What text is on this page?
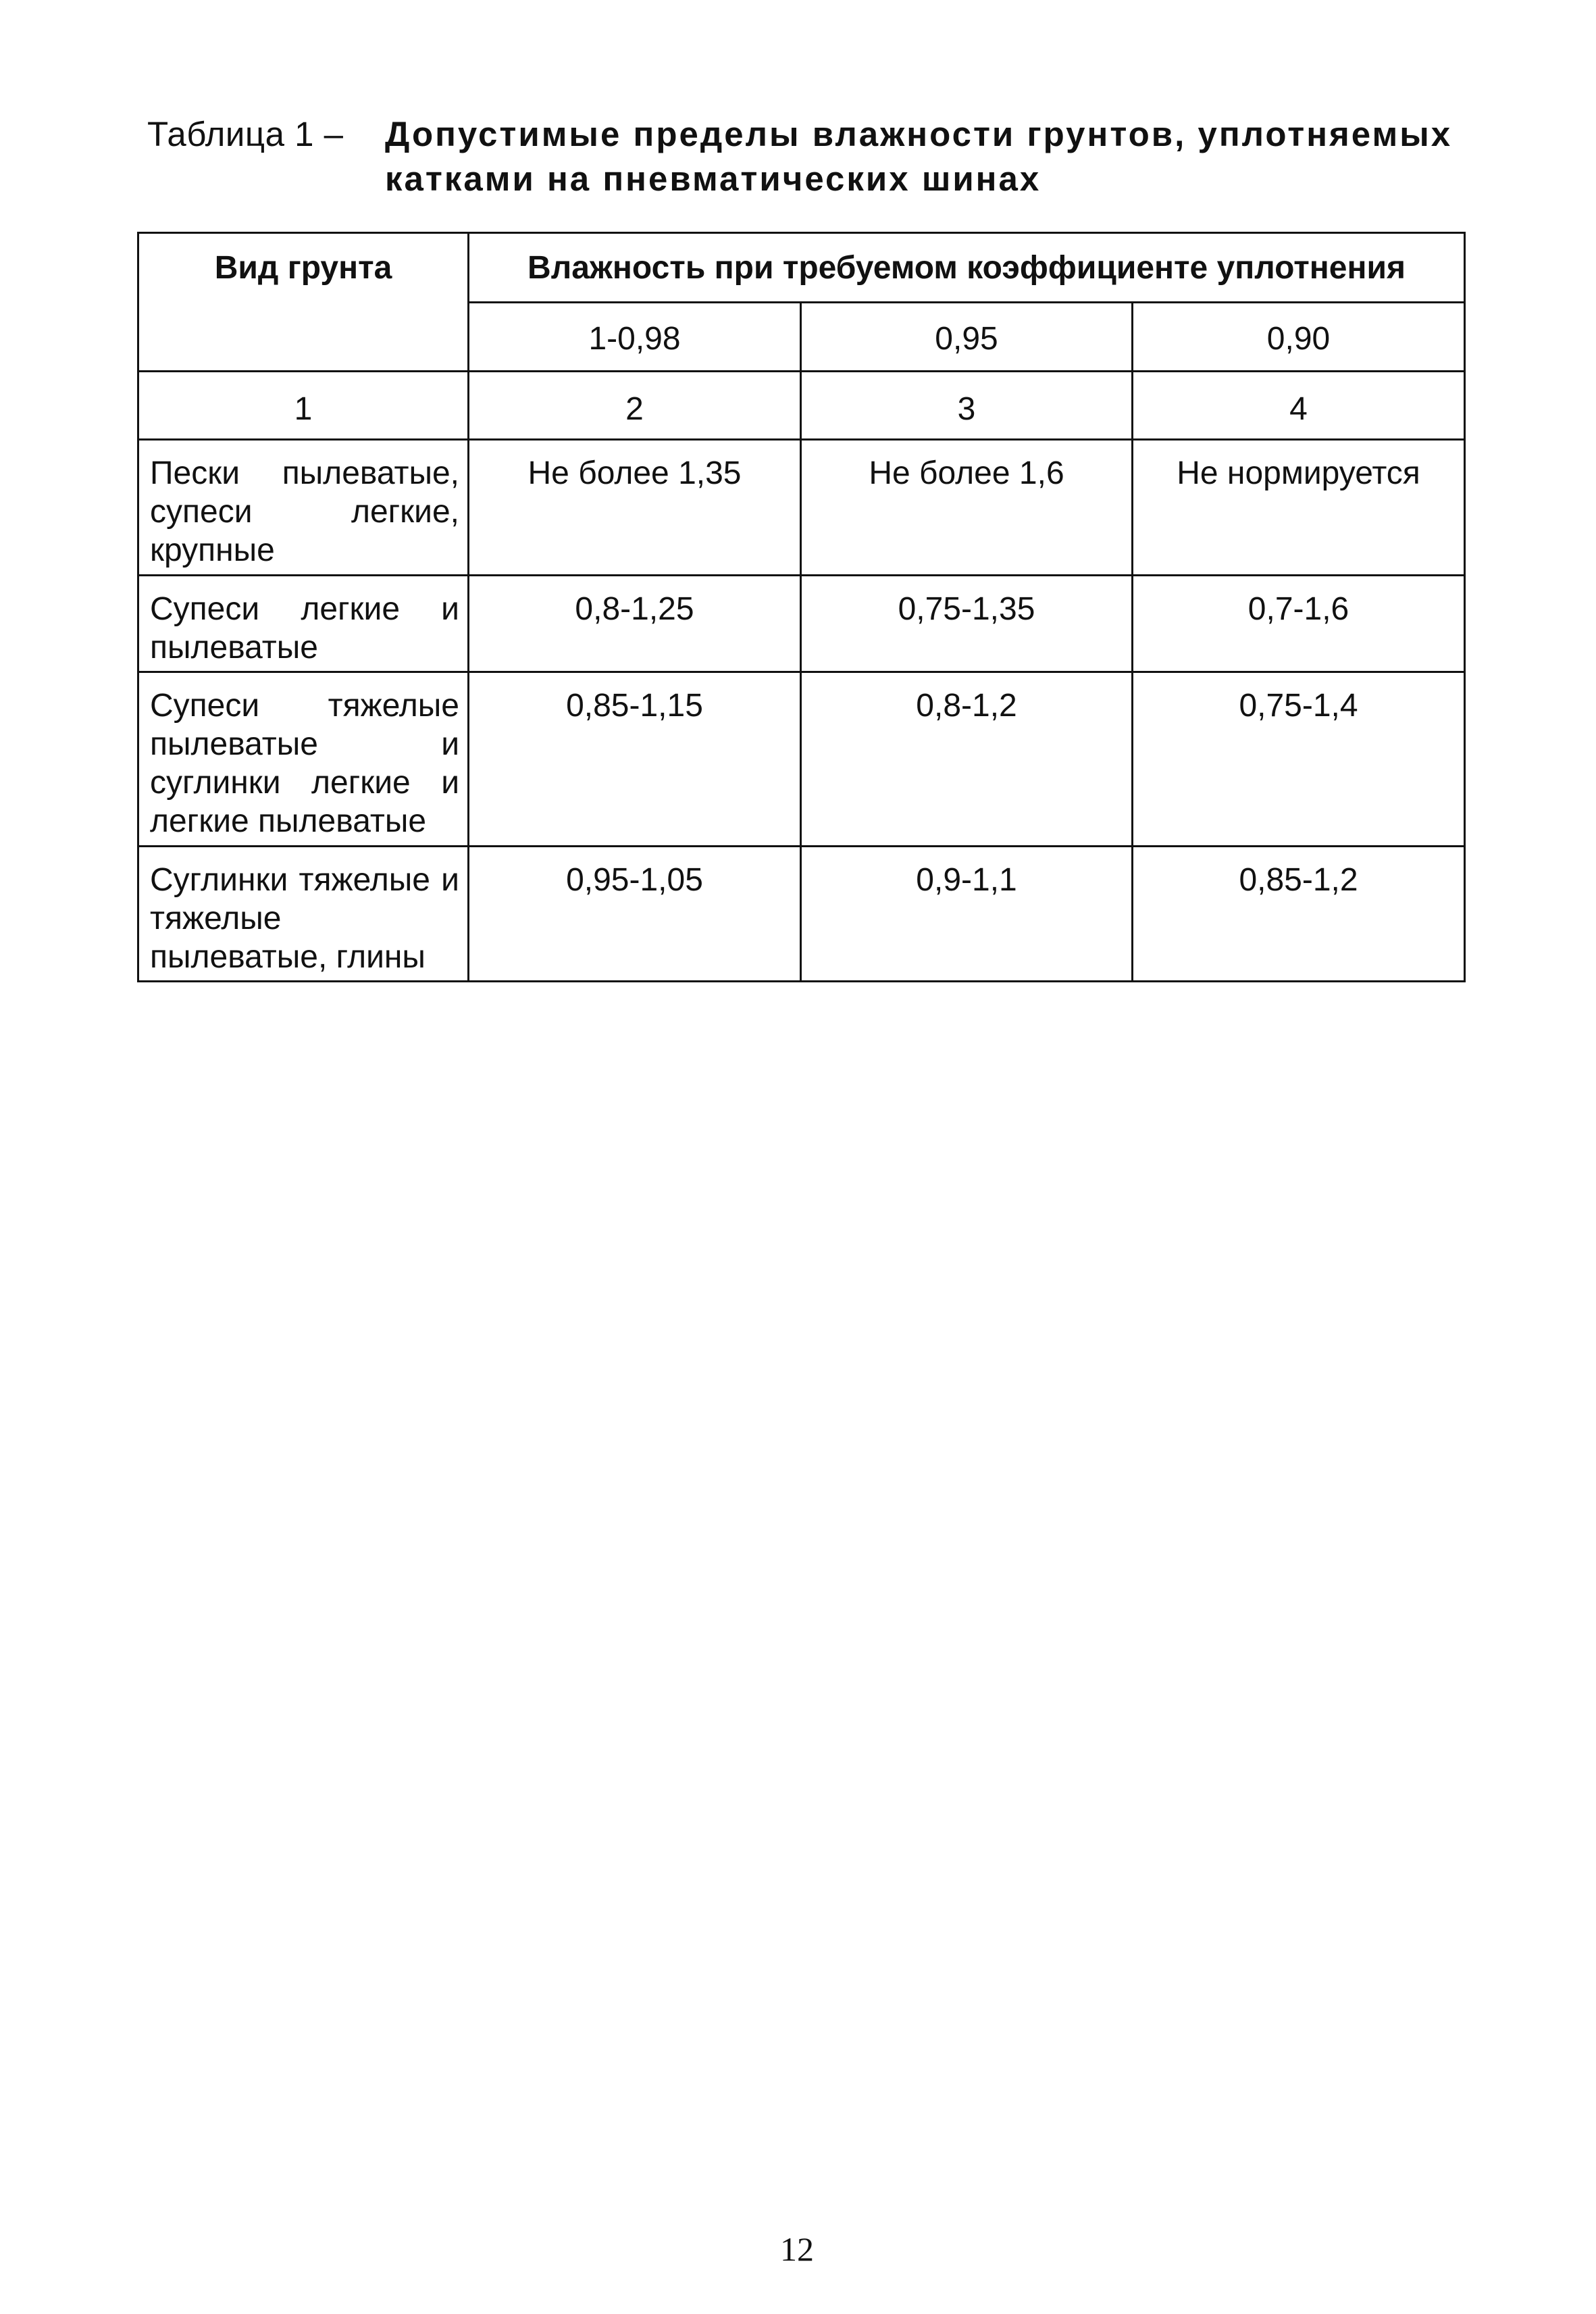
Таблица 1 – Допустимые пределы влажности грунтов, уплотняемых
катками на пневматических шинах
Вид грунта	Влажность при требуемом коэффициенте уплотнения		
	1-0,98	0,95	0,90
1	2	3	4
Пески пылеватые, супеси легкие, крупные	Не более 1,35	Не более 1,6	Не нормируется
Супеси легкие и пылеватые	0,8-1,25	0,75-1,35	0,7-1,6
Супеси тяжелые пылеватые и суглинки легкие и легкие пылеватые	0,85-1,15	0,8-1,2	0,75-1,4
Суглинки тяжелые и тяжелые пылеватые, глины	0,95-1,05	0,9-1,1	0,85-1,2
12
